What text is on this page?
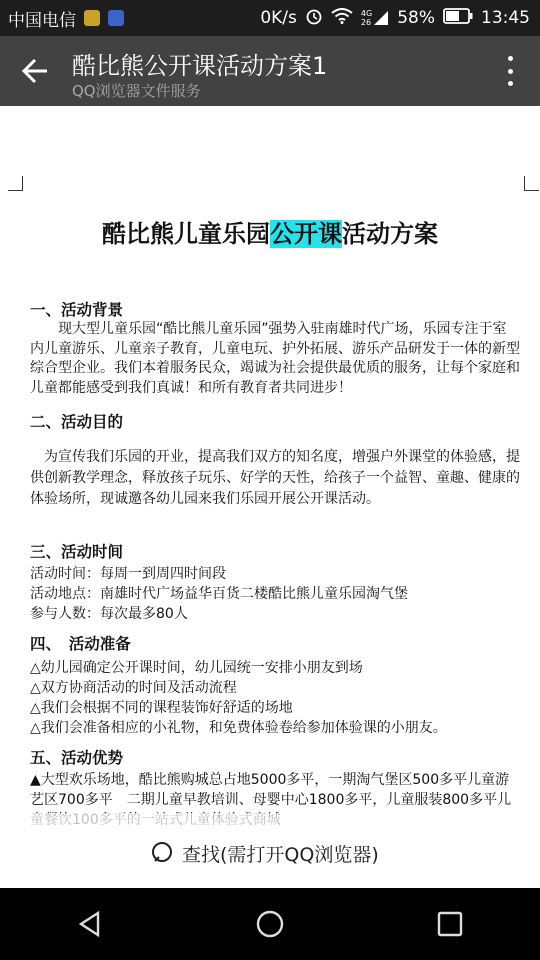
中国电信	0K/s	4G
26 58%	13:45
酷比熊公开课活动方案1
QQ浏览器文件服务
酷比熊儿童乐园公开课活动方案
一、活动背景
　　现大型儿童乐园“酷比熊儿童乐园”强势入驻南雄时代广场，乐园专注于室内儿童游乐、儿童亲子教育，儿童电玩、护外拓展、游乐产品研发于一体的新型综合型企业。我们本着服务民众，竭诚为社会提供最优质的服务，让每个家庭和儿童都能感受到我们真诚！和所有教育者共同进步！
二、活动目的
　为宣传我们乐园的开业，提高我们双方的知名度，增强户外课堂的体验感，提供创新教学理念，释放孩子玩乐、好学的天性，给孩子一个益智、童趣、健康的体验场所，现诚邀各幼儿园来我们乐园开展公开课活动。
三、活动时间
活动时间：每周一到周四时间段
活动地点：南雄时代广场益华百货二楼酷比熊儿童乐园淘气堡
参与人数：每次最多80人
四、　活动准备
△幼儿园确定公开课时间，幼儿园统一安排小朋友到场
△双方协商活动的时间及活动流程
△我们会根据不同的课程装饰好舒适的场地
△我们会准备相应的小礼物，和免费体验卷给参加体验课的小朋友。
五、活动优势
▲大型欢乐场地，酷比熊购城总占地5000多平，一期淘气堡区500多平儿童游艺区700多平　二期儿童早教培训、母婴中心1800多平，儿童服装800多平儿
查找(需打开QQ浏览器)
